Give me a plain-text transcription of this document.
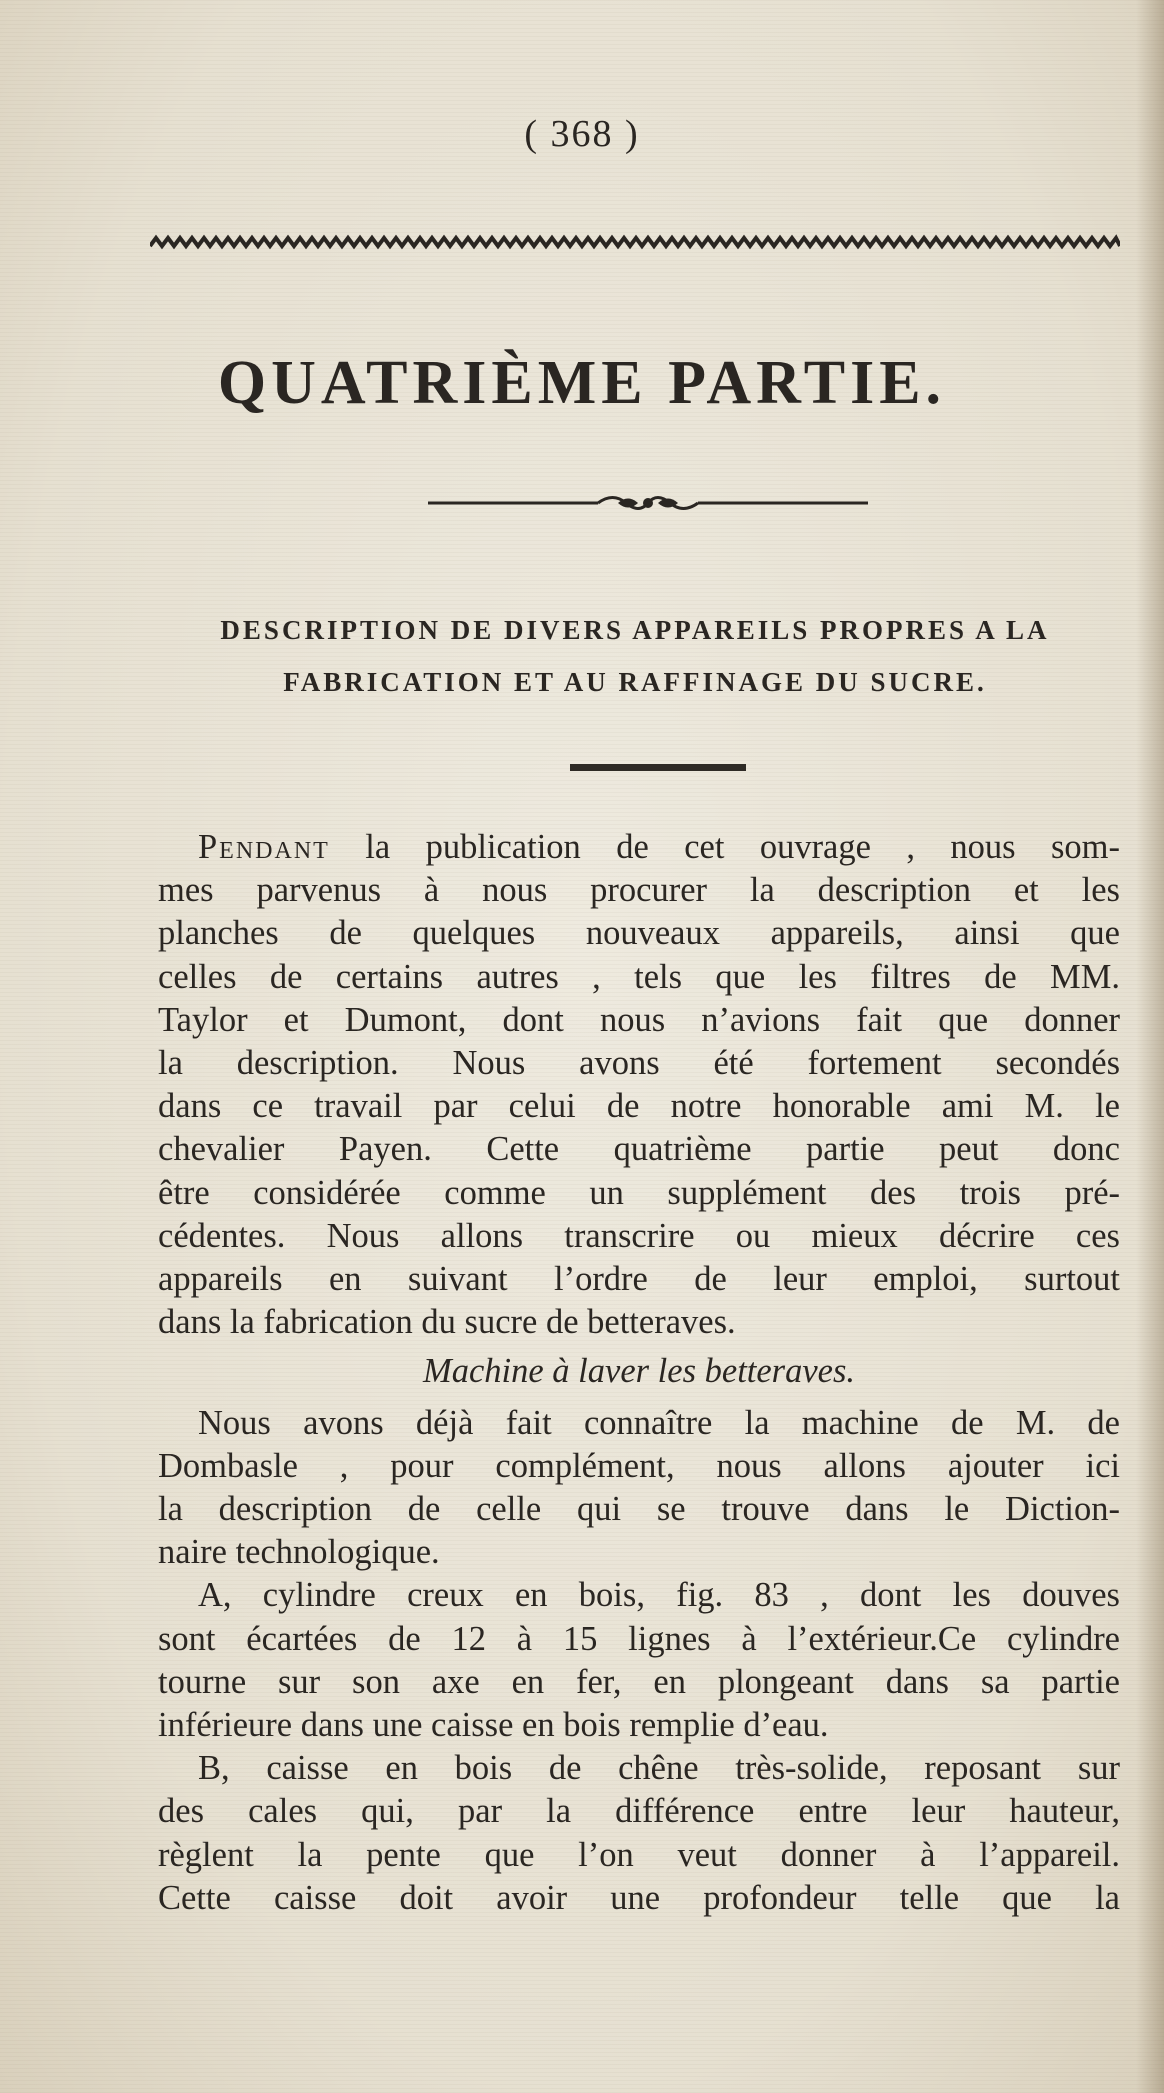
( 368 )
QUATRIÈME PARTIE.
DESCRIPTION DE DIVERS APPAREILS PROPRES A LA
FABRICATION ET AU RAFFINAGE DU SUCRE.
Pendant la publication de cet ouvrage , nous som-
mes parvenus à nous procurer la description et les
planches de quelques nouveaux appareils, ainsi que
celles de certains autres , tels que les filtres de MM.
Taylor et Dumont, dont nous n’avions fait que donner
la description. Nous avons été fortement secondés
dans ce travail par celui de notre honorable ami M. le
chevalier Payen. Cette quatrième partie peut donc
être considérée comme un supplément des trois pré-
cédentes. Nous allons transcrire ou mieux décrire ces
appareils en suivant l’ordre de leur emploi, surtout
dans la fabrication du sucre de betteraves.
Machine à laver les betteraves.
Nous avons déjà fait connaître la machine de M. de
Dombasle , pour complément, nous allons ajouter ici
la description de celle qui se trouve dans le Diction-
naire technologique.
A, cylindre creux en bois, fig. 83 , dont les douves
sont écartées de 12 à 15 lignes à l’extérieur.Ce cylindre
tourne sur son axe en fer, en plongeant dans sa partie
inférieure dans une caisse en bois remplie d’eau.
B, caisse en bois de chêne très-solide, reposant sur
des cales qui, par la différence entre leur hauteur,
règlent la pente que l’on veut donner à l’appareil.
Cette caisse doit avoir une profondeur telle que la
